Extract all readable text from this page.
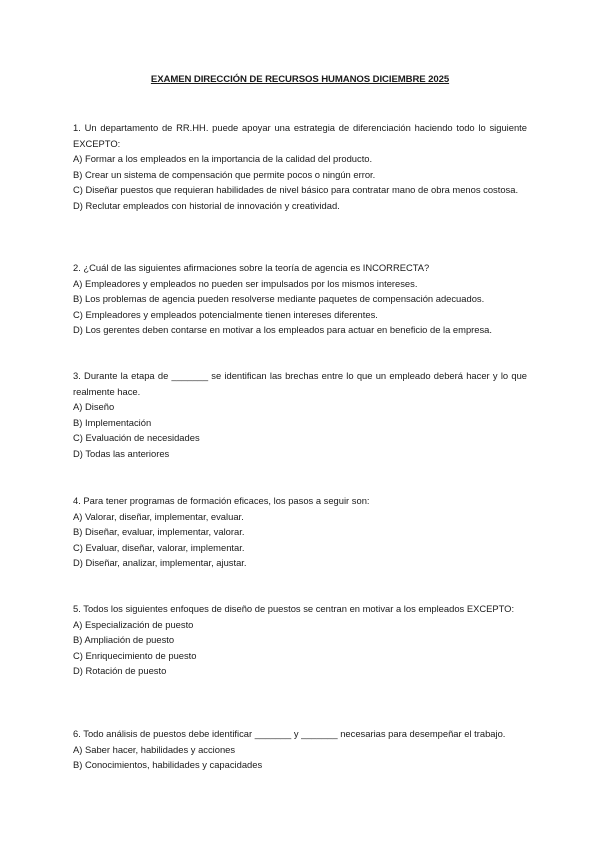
EXAMEN DIRECCIÓN DE RECURSOS HUMANOS DICIEMBRE 2025

1. Un departamento de RR.HH. puede apoyar una estrategia de diferenciación haciendo todo lo siguiente EXCEPTO:

A) Formar a los empleados en la importancia de la calidad del producto.

B) Crear un sistema de compensación que permite pocos o ningún error.

C) Diseñar puestos que requieran habilidades de nivel básico para contratar mano de obra menos costosa.

D) Reclutar empleados con historial de innovación y creatividad.

2. ¿Cuál de las siguientes afirmaciones sobre la teoría de agencia es INCORRECTA?

A) Empleadores y empleados no pueden ser impulsados por los mismos intereses.

B) Los problemas de agencia pueden resolverse mediante paquetes de compensación adecuados.

C) Empleadores y empleados potencialmente tienen intereses diferentes.

D) Los gerentes deben contarse en motivar a los empleados para actuar en beneficio de la empresa.

3. Durante la etapa de _______ se identifican las brechas entre lo que un empleado deberá hacer y lo que realmente hace.

A) Diseño

B) Implementación

C) Evaluación de necesidades

D) Todas las anteriores

4. Para tener programas de formación eficaces, los pasos a seguir son:

A) Valorar, diseñar, implementar, evaluar.

B) Diseñar, evaluar, implementar, valorar.

C) Evaluar, diseñar, valorar, implementar.

D) Diseñar, analizar, implementar, ajustar.

5. Todos los siguientes enfoques de diseño de puestos se centran en motivar a los empleados EXCEPTO:

A) Especialización de puesto

B) Ampliación de puesto

C) Enriquecimiento de puesto

D) Rotación de puesto

6. Todo análisis de puestos debe identificar _______ y _______ necesarias para desempeñar el trabajo.

A) Saber hacer, habilidades y acciones

B) Conocimientos, habilidades y capacidades
